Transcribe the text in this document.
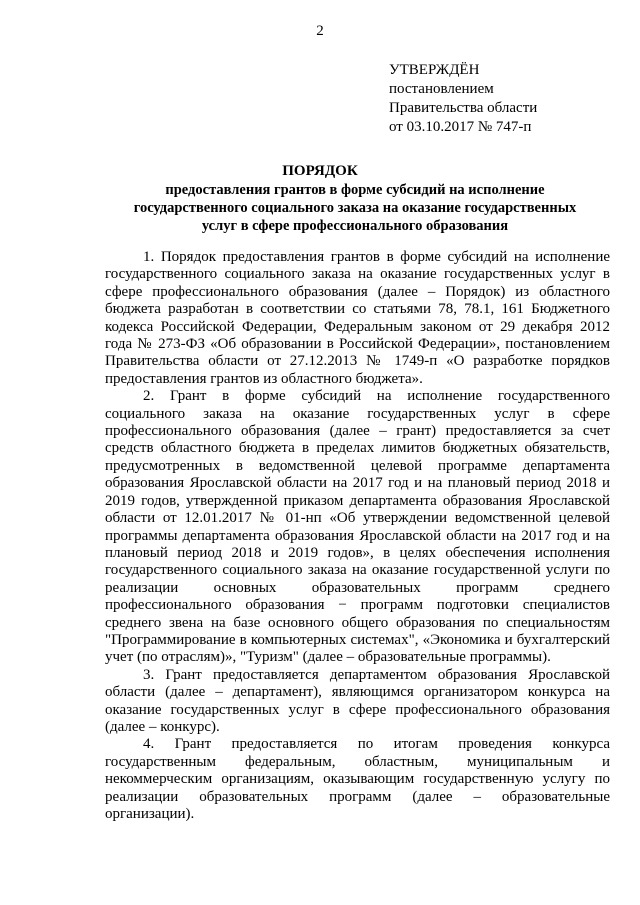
2
УТВЕРЖДЁН
постановлением
Правительства области
от 03.10.2017 № 747-п
ПОРЯДОК
предоставления грантов в форме субсидий на исполнение
государственного социального заказа на оказание государственных
услуг в сфере профессионального образования

1. Порядок предоставления грантов в форме субсидий на исполнение государственного социального заказа на оказание государственных услуг в сфере профессионального образования (далее – Порядок) из областного бюджета разработан в соответствии со статьями 78, 78.1, 161 Бюджетного кодекса Российской Федерации, Федеральным законом от 29 декабря 2012 года № 273-ФЗ «Об образовании в Российской Федерации», постановлением Правительства области от 27.12.2013 № 1749-п «О разработке порядков предоставления грантов из областного бюджета».

2. Грант в форме субсидий на исполнение государственного социального заказа на оказание государственных услуг в сфере профессионального образования (далее – грант) предоставляется за счет средств областного бюджета в пределах лимитов бюджетных обязательств, предусмотренных в ведомственной целевой программе департамента образования Ярославской области на 2017 год и на плановый период 2018 и 2019 годов, утвержденной приказом департамента образования Ярославской области от 12.01.2017 № 01-нп «Об утверждении ведомственной целевой программы департамента образования Ярославской области на 2017 год и на плановый период 2018 и 2019 годов», в целях обеспечения исполнения государственного социального заказа на оказание государственной услуги по реализации основных образовательных программ среднего профессионального образования − программ подготовки специалистов среднего звена на базе основного общего образования по специальностям "Программирование в компьютерных системах", «Экономика и бухгалтерский учет (по отраслям)», "Туризм" (далее – образовательные программы).

3. Грант предоставляется департаментом образования Ярославской области (далее – департамент), являющимся организатором конкурса на оказание государственных услуг в сфере профессионального образования (далее – конкурс).

4. Грант предоставляется по итогам проведения конкурса государственным федеральным, областным, муниципальным и некоммерческим организациям, оказывающим государственную услугу по реализации образовательных программ (далее – образовательные организации).
